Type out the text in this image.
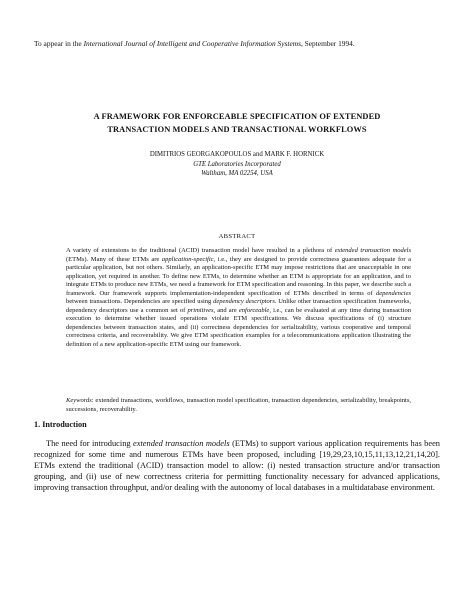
To appear in the International Journal of Intelligent and Cooperative Information Systems, September 1994.
A FRAMEWORK FOR ENFORCEABLE SPECIFICATION OF EXTENDED
TRANSACTION MODELS AND TRANSACTIONAL WORKFLOWS
DIMITRIOS GEORGAKOPOULOS and MARK F. HORNICK
GTE Laboratories Incorporated
Waltham, MA 02254, USA
ABSTRACT

A variety of extensions to the traditional (ACID) transaction model have resulted in a plethora of extended transaction models (ETMs). Many of these ETMs are application-specific, i.e., they are designed to provide correctness guarantees adequate for a particular application, but not others. Similarly, an application-specific ETM may impose restrictions that are unacceptable in one application, yet required in another. To define new ETMs, to determine whether an ETM is appropriate for an application, and to integrate ETMs to produce new ETMs, we need a framework for ETM specification and reasoning. In this paper, we describe such a framework. Our framework supports implementation-independent specification of ETMs described in terms of dependencies between transactions. Dependencies are specified using dependency descriptors. Unlike other transaction specification frameworks, dependency descriptors use a common set of primitives, and are enforceable, i.e., can be evaluated at any time during transaction execution to determine whether issued operations violate ETM specifications. We discuss specifications of (i) structure dependencies between transaction states, and (ii) correctness dependencies for serializability, various cooperative and temporal correctness criteria, and recoverability. We give ETM specification examples for a telecommunications application illustrating the definition of a new application-specific ETM using our framework.

Keywords: extended transactions, workflows, transaction model specification, transaction dependencies, serializability, breakpoints, successions, recoverability.
1. Introduction

The need for introducing extended transaction models (ETMs) to support various application requirements has been recognized for some time and numerous ETMs have been proposed, including [19,29,23,10,15,11,13,12,21,14,20]. ETMs extend the traditional (ACID) transaction model to allow: (i) nested transaction structure and/or transaction grouping, and (ii) use of new correctness criteria for permitting functionality necessary for advanced applications, improving transaction throughput, and/or dealing with the autonomy of local databases in a multidatabase environment.
